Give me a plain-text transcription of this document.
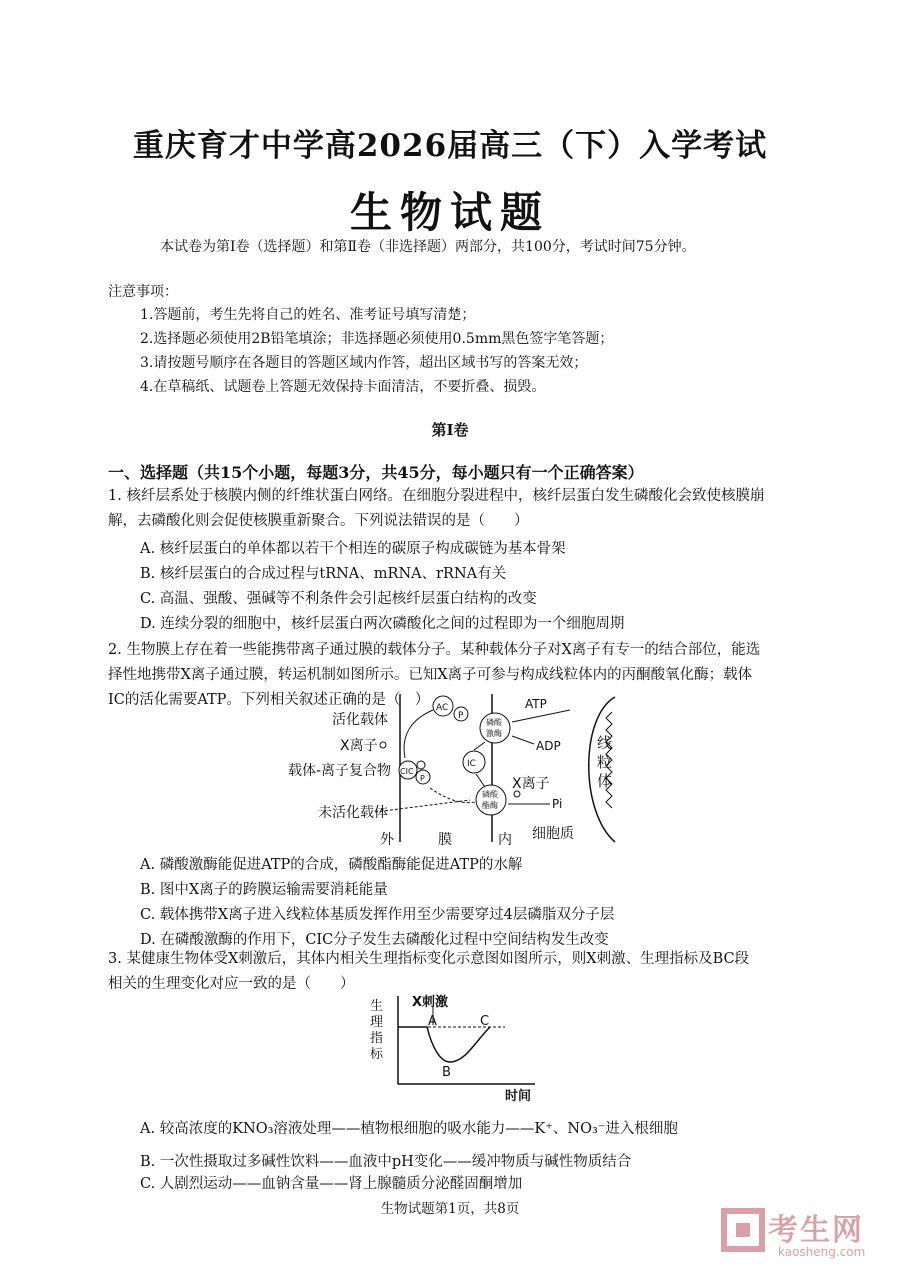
重庆育才中学高2026届高三（下）入学考试
生物试题
本试卷为第Ⅰ卷（选择题）和第Ⅱ卷（非选择题）两部分，共100分，考试时间75分钟。
注意事项：
1.答题前，考生先将自己的姓名、准考证号填写清楚；
2.选择题必须使用2B铅笔填涂；非选择题必须使用0.5mm黑色签字笔答题；
3.请按题号顺序在各题目的答题区域内作答，超出区域书写的答案无效；
4.在草稿纸、试题卷上答题无效保持卡面清洁，不要折叠、损毁。
第Ⅰ卷
一、选择题（共15个小题，每题3分，共45分，每小题只有一个正确答案）
1. 核纤层系处于核膜内侧的纤维状蛋白网络。在细胞分裂进程中，核纤层蛋白发生磷酸化会致使核膜崩
解，去磷酸化则会促使核膜重新聚合。下列说法错误的是（　　）
A. 核纤层蛋白的单体都以若干个相连的碳原子构成碳链为基本骨架
B. 核纤层蛋白的合成过程与tRNA、mRNA、rRNA有关
C. 高温、强酸、强碱等不利条件会引起核纤层蛋白结构的改变
D. 连续分裂的细胞中，核纤层蛋白两次磷酸化之间的过程即为一个细胞周期
2. 生物膜上存在着一些能携带离子通过膜的载体分子。某种载体分子对X离子有专一的结合部位，能选
择性地携带X离子通过膜，转运机制如图所示。已知X离子可参与构成线粒体内的丙酮酸氧化酶；载体
IC的活化需要ATP。下列相关叙述正确的是（　） AC
P
磷酸
激酶
IC
磷酸
酯酶
CIC
P
活化载体
X离子
载体-离子复合物
未活化载体
外	膜	内 细胞质
ATP
ADP
Pi
X离子
线
粒
体
A. 磷酸激酶能促进ATP的合成，磷酸酯酶能促进ATP的水解
B. 图中X离子的跨膜运输需要消耗能量
C. 载体携带X离子进入线粒体基质发挥作用至少需要穿过4层磷脂双分子层
D. 在磷酸激酶的作用下，CIC分子发生去磷酸化过程中空间结构发生改变
3. 某健康生物体受X刺激后，其体内相关生理指标变化示意图如图所示，则X刺激、生理指标及BC段
相关的生理变化对应一致的是（　　）
生
理
指
标
X刺激
A
B
C
时间
A. 较高浓度的KNO₃溶液处理——植物根细胞的吸水能力——K⁺、NO₃⁻进入根细胞
B. 一次性摄取过多碱性饮料——血液中pH变化——缓冲物质与碱性物质结合
C. 人剧烈运动——血钠含量——肾上腺髓质分泌醛固酮增加
生物试题第1页，共8页
考生网
kaosheng.com
